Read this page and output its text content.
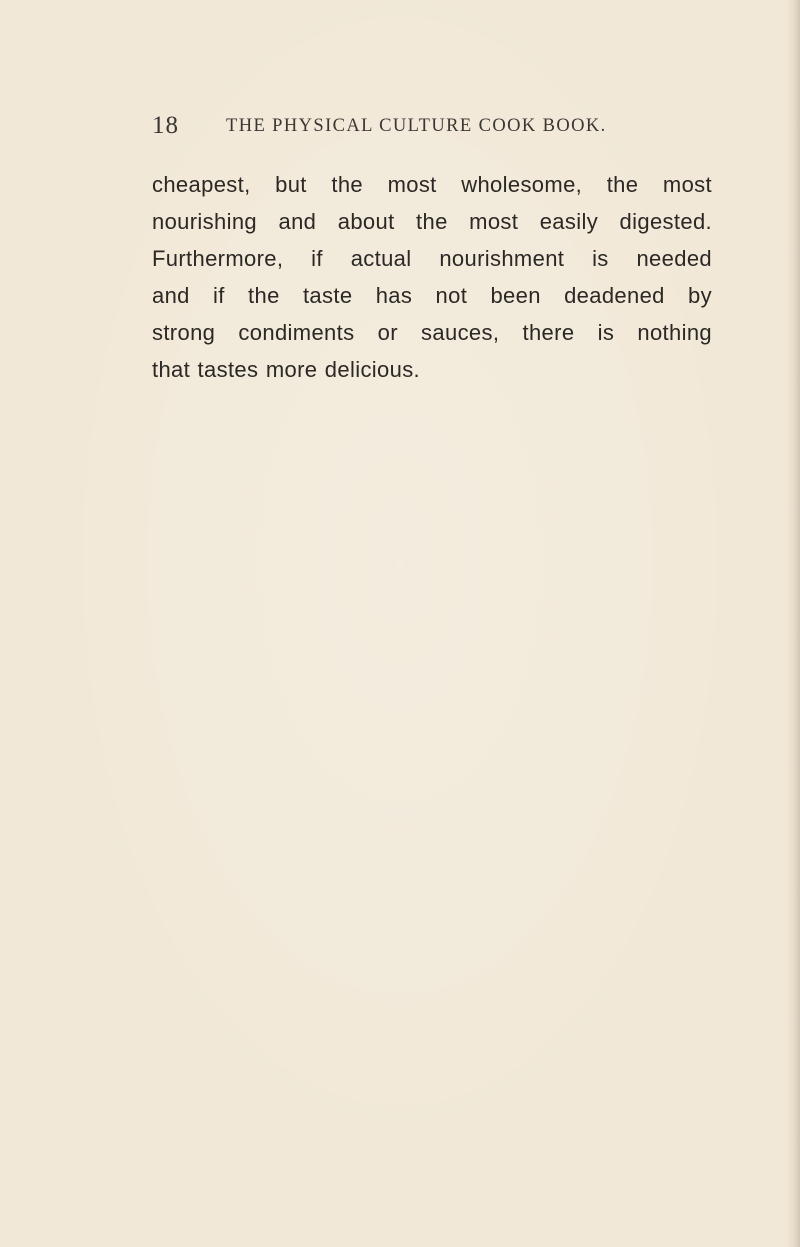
18	THE PHYSICAL CULTURE COOK BOOK.
cheapest, but the most wholesome, the most
nourishing and about the most easily digested.
Furthermore, if actual nourishment is needed
and if the taste has not been deadened by
strong condiments or sauces, there is nothing
that tastes more delicious.
